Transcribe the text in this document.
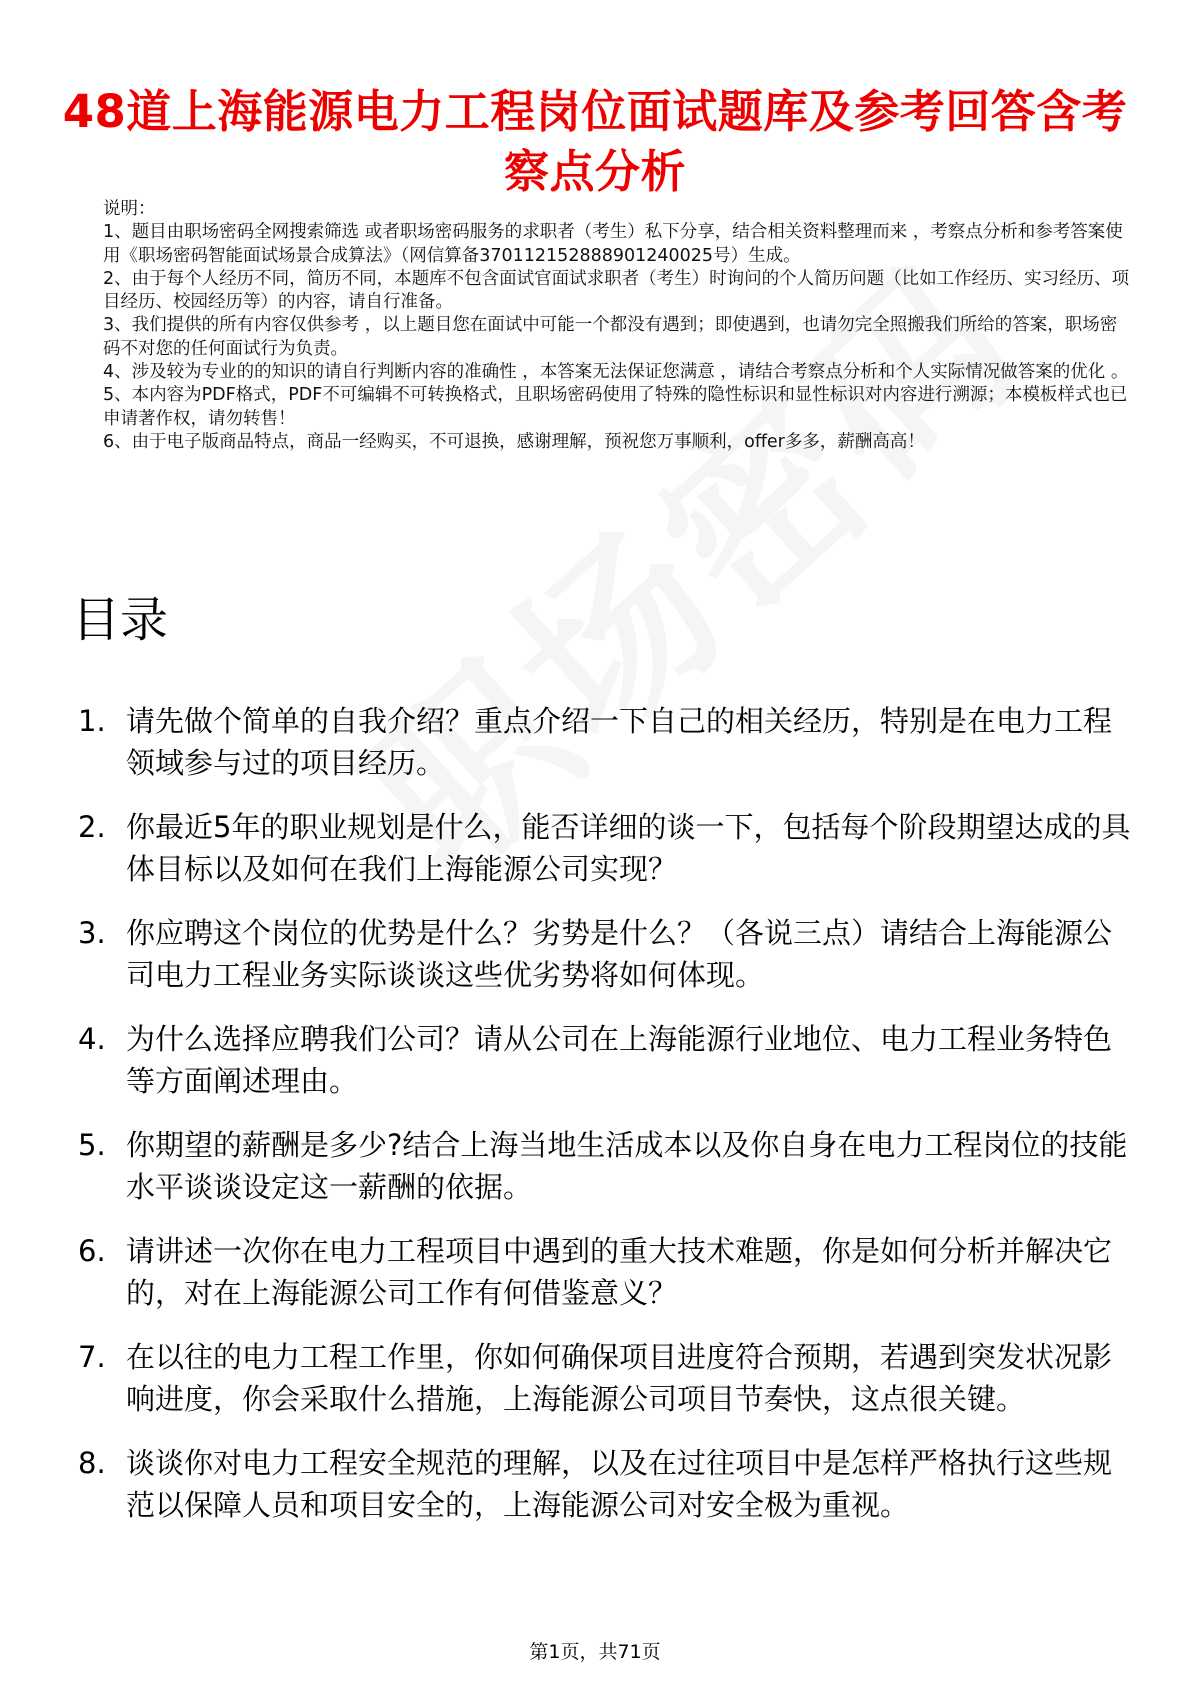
48道上海能源电力工程岗位面试题库及参考回答含考察点分析

说明：

1、题目由职场密码全网搜索筛选 或者职场密码服务的求职者（考生）私下分享，结合相关资料整理而来 ，考察点分析和参考答案使用《职场密码智能面试场景合成算法》（网信算备370112152888901240025号）生成。

2、由于每个人经历不同，简历不同，本题库不包含面试官面试求职者（考生）时询问的个人简历问题（比如工作经历、实习经历、项目经历、校园经历等）的内容，请自行准备。

3、我们提供的所有内容仅供参考 ，以上题目您在面试中可能一个都没有遇到；即使遇到，也请勿完全照搬我们所给的答案，职场密码不对您的任何面试行为负责。

4、涉及较为专业的的知识的请自行判断内容的准确性 ，本答案无法保证您满意 ，请结合考察点分析和个人实际情况做答案的优化 。

5、本内容为PDF格式，PDF不可编辑不可转换格式，且职场密码使用了特殊的隐性标识和显性标识对内容进行溯源；本模板样式也已申请著作权，请勿转售！

6、由于电子版商品特点，商品一经购买，不可退换，感谢理解，预祝您万事顺利，offer多多，薪酬高高！

目录
1. 请先做个简单的自我介绍？重点介绍一下自己的相关经历，特别是在电力工程领域参与过的项目经历。
2. 你最近5年的职业规划是什么，能否详细的谈一下，包括每个阶段期望达成的具体目标以及如何在我们上海能源公司实现？
3. 你应聘这个岗位的优势是什么？劣势是什么？（各说三点）请结合上海能源公司电力工程业务实际谈谈这些优劣势将如何体现。
4. 为什么选择应聘我们公司？请从公司在上海能源行业地位、电力工程业务特色等方面阐述理由。
5. 你期望的薪酬是多少?结合上海当地生活成本以及你自身在电力工程岗位的技能水平谈谈设定这一薪酬的依据。
6. 请讲述一次你在电力工程项目中遇到的重大技术难题，你是如何分析并解决它的，对在上海能源公司工作有何借鉴意义？
7. 在以往的电力工程工作里，你如何确保项目进度符合预期，若遇到突发状况影响进度，你会采取什么措施，上海能源公司项目节奏快，这点很关键。
8. 谈谈你对电力工程安全规范的理解，以及在过往项目中是怎样严格执行这些规范以保障人员和项目安全的，上海能源公司对安全极为重视。
第1页，共71页
